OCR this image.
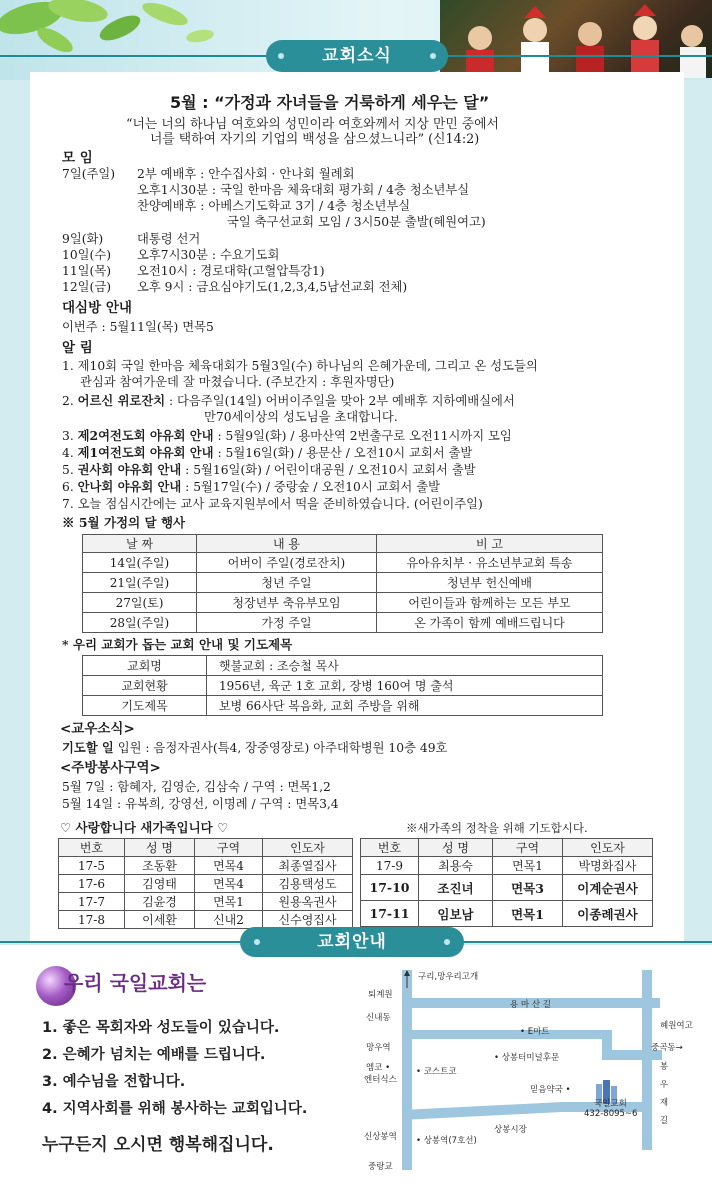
교회소식
5월 : “가정과 자녀들을 거룩하게 세우는 달”
“너는 너의 하나님 여호와의 성민이라 여호와께서 지상 만민 중에서
너를 택하여 자기의 기업의 백성을 삼으셨느니라” (신14:2)
모 임
7일(주일) 2부 예배후 : 안수집사회 · 안나회 월례회
오후1시30분 : 국일 한마음 체육대회 평가회 / 4층 청소년부실
찬양예배후 : 아베스기도학교 3기 / 4층 청소년부실
국일 축구선교회 모임 / 3시50분 출발(혜원여고)
9일(화)	대통령 선거
10일(수) 오후7시30분 : 수요기도회
11일(목) 오전10시 : 경로대학(고혈압특강1)
12일(금) 오후 9시 : 금요심야기도(1,2,3,4,5남선교회 전체)
대심방 안내
이번주 : 5월11일(목) 면목5
알 림
1. 제10회 국일 한마음 체육대회가 5월3일(수) 하나님의 은혜가운데, 그리고 온 성도들의
관심과 참여가운데 잘 마쳤습니다. (주보간지 : 후원자명단)
2. 어르신 위로잔치 : 다음주일(14일) 어버이주일을 맞아 2부 예배후 지하예배실에서
만70세이상의 성도님을 초대합니다.
3. 제2여전도회 야유회 안내 : 5월9일(화) / 용마산역 2번출구로 오전11시까지 모임
4. 제1여전도회 야유회 안내 : 5월16일(화) / 용문산 / 오전10시 교회서 출발
5. 권사회 야유회 안내 : 5월16일(화) / 어린이대공원 / 오전10시 교회서 출발
6. 안나회 야유회 안내 : 5월17일(수) / 중랑숲 / 오전10시 교회서 출발
7. 오늘 점심시간에는 교사 교육지원부에서 떡을 준비하였습니다. (어린이주일)
※ 5월 가정의 달 행사
날 짜	내 용	비 고
14일(주일)	어버이 주일(경로잔치)	유아유치부 · 유소년부교회 특송
21일(주일)	청년 주일	청년부 헌신예배
27일(토)	청장년부 축유부모임	어린이들과 함께하는 모든 부모
28일(주일)	가정 주일	온 가족이 함께 예배드립니다
* 우리 교회가 돕는 교회 안내 및 기도제목
교회명	햇불교회 : 조승철 목사
교회현황	1956년, 육군 1호 교회, 장병 160여 명 출석
기도제목	보병 66사단 복음화, 교회 주방을 위해
<교우소식>
기도할 일 입원 : 음정자권사(특4, 장중영장로) 아주대학병원 10층 49호
<주방봉사구역>
5월 7일 : 함혜자, 김영순, 김삼숙 / 구역 : 면목1,2
5월 14일 : 유복희, 강영선, 이명례 / 구역 : 면목3,4
♡ 사랑합니다 새가족입니다 ♡	※새가족의 정착을 위해 기도합시다.
번호	성 명	구역	인도자
17-5	조동환	면목4	최종열집사
17-6	김영태	면목4	김용택성도
17-7	김윤경	면목1	원용옥권사
17-8	이세환	신내2	신수영집사
번호	성 명	구역	인도자
17-9	최용숙	면목1	박명화집사
17-10	조진녀	면목3	이계순권사
17-11	임보남	면목1	이종례권사
교회안내
우리 국일교회는
1. 좋은 목회자와 성도들이 있습니다.
2. 은혜가 넘치는 예배를 드립니다.
3. 예수님을 전합니다.
4. 지역사회를 위해 봉사하는 교회입니다.
누구든지 오시면 행복해집니다.
구리,망우리고개
퇴계원
용 마 산 길
신내동
• E마트
혜원여고
중곡동→
망우역
엠코 •
엔터식스
• 코스트코
• 상봉터미널후문
믿음약국 •
국일교회
432-8095~6
봉우재길
상봉시장
신상봉역 • 상봉역(7호선)
중랑교
